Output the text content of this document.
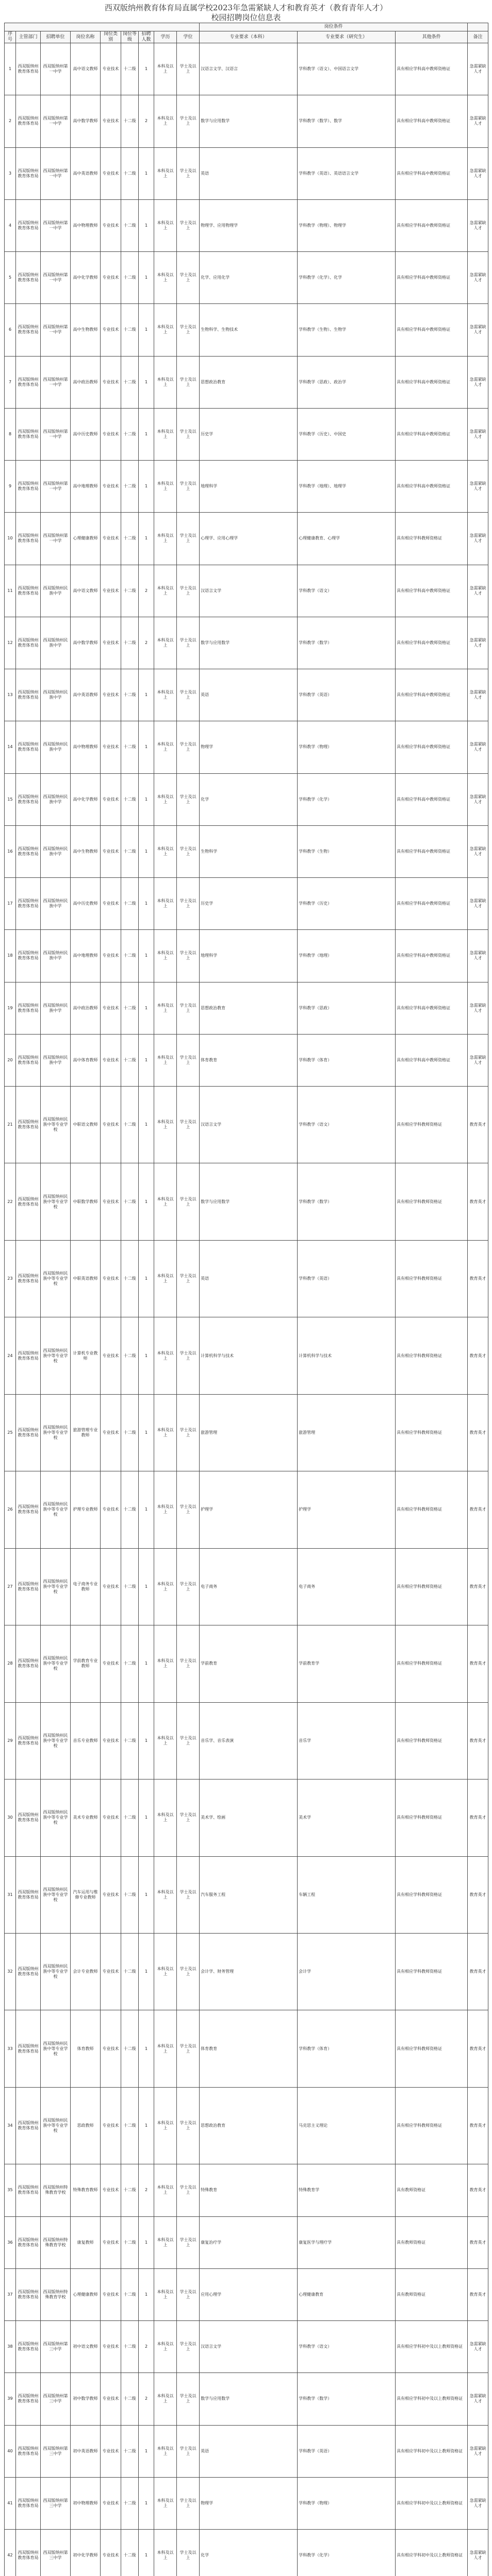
西双版纳州教育体育局直属学校2023年急需紧缺人才和教育英才（教育青年人才）
校园招聘岗位信息表
									岗位条件			
序号	主管部门	招聘单位	岗位名称	岗位类别	岗位等级	招聘人数	学历	学位	专业要求（本科）	专业要求（研究生）	其他条件	备注
1	西双版纳州教育体育局	西双版纳州第一中学	高中语文教师	专业技术	十二级	1	本科及以上	学士及以上	汉语言文学、汉语言	学科教学（语文）、中国语言文学	具有相应学科高中教师资格证	急需紧缺人才
2	西双版纳州教育体育局	西双版纳州第一中学	高中数学教师	专业技术	十二级	2	本科及以上	学士及以上	数学与应用数学	学科教学（数学）、数学	具有相应学科高中教师资格证	急需紧缺人才
3	西双版纳州教育体育局	西双版纳州第一中学	高中英语教师	专业技术	十二级	1	本科及以上	学士及以上	英语	学科教学（英语）、英语语言文学	具有相应学科高中教师资格证	急需紧缺人才
4	西双版纳州教育体育局	西双版纳州第一中学	高中物理教师	专业技术	十二级	1	本科及以上	学士及以上	物理学、应用物理学	学科教学（物理）、物理学	具有相应学科高中教师资格证	急需紧缺人才
5	西双版纳州教育体育局	西双版纳州第一中学	高中化学教师	专业技术	十二级	1	本科及以上	学士及以上	化学、应用化学	学科教学（化学）、化学	具有相应学科高中教师资格证	急需紧缺人才
6	西双版纳州教育体育局	西双版纳州第一中学	高中生物教师	专业技术	十二级	1	本科及以上	学士及以上	生物科学、生物技术	学科教学（生物）、生物学	具有相应学科高中教师资格证	急需紧缺人才
7	西双版纳州教育体育局	西双版纳州第一中学	高中政治教师	专业技术	十二级	1	本科及以上	学士及以上	思想政治教育	学科教学（思政）、政治学	具有相应学科高中教师资格证	急需紧缺人才
8	西双版纳州教育体育局	西双版纳州第一中学	高中历史教师	专业技术	十二级	1	本科及以上	学士及以上	历史学	学科教学（历史）、中国史	具有相应学科高中教师资格证	急需紧缺人才
9	西双版纳州教育体育局	西双版纳州第一中学	高中地理教师	专业技术	十二级	1	本科及以上	学士及以上	地理科学	学科教学（地理）、地理学	具有相应学科高中教师资格证	急需紧缺人才
10	西双版纳州教育体育局	西双版纳州第一中学	心理健康教师	专业技术	十二级	1	本科及以上	学士及以上	心理学、应用心理学	心理健康教育、心理学	具有相应学科教师资格证	急需紧缺人才
11	西双版纳州教育体育局	西双版纳州民族中学	高中语文教师	专业技术	十二级	2	本科及以上	学士及以上	汉语言文学	学科教学（语文）	具有相应学科高中教师资格证	急需紧缺人才
12	西双版纳州教育体育局	西双版纳州民族中学	高中数学教师	专业技术	十二级	2	本科及以上	学士及以上	数学与应用数学	学科教学（数学）	具有相应学科高中教师资格证	急需紧缺人才
13	西双版纳州教育体育局	西双版纳州民族中学	高中英语教师	专业技术	十二级	1	本科及以上	学士及以上	英语	学科教学（英语）	具有相应学科高中教师资格证	急需紧缺人才
14	西双版纳州教育体育局	西双版纳州民族中学	高中物理教师	专业技术	十二级	1	本科及以上	学士及以上	物理学	学科教学（物理）	具有相应学科高中教师资格证	急需紧缺人才
15	西双版纳州教育体育局	西双版纳州民族中学	高中化学教师	专业技术	十二级	1	本科及以上	学士及以上	化学	学科教学（化学）	具有相应学科高中教师资格证	急需紧缺人才
16	西双版纳州教育体育局	西双版纳州民族中学	高中生物教师	专业技术	十二级	1	本科及以上	学士及以上	生物科学	学科教学（生物）	具有相应学科高中教师资格证	急需紧缺人才
17	西双版纳州教育体育局	西双版纳州民族中学	高中历史教师	专业技术	十二级	1	本科及以上	学士及以上	历史学	学科教学（历史）	具有相应学科高中教师资格证	急需紧缺人才
18	西双版纳州教育体育局	西双版纳州民族中学	高中地理教师	专业技术	十二级	1	本科及以上	学士及以上	地理科学	学科教学（地理）	具有相应学科高中教师资格证	急需紧缺人才
19	西双版纳州教育体育局	西双版纳州民族中学	高中政治教师	专业技术	十二级	1	本科及以上	学士及以上	思想政治教育	学科教学（思政）	具有相应学科高中教师资格证	急需紧缺人才
20	西双版纳州教育体育局	西双版纳州民族中学	高中体育教师	专业技术	十二级	1	本科及以上	学士及以上	体育教育	学科教学（体育）	具有相应学科高中教师资格证	急需紧缺人才
21	西双版纳州教育体育局	西双版纳州民族中等专业学校	中职语文教师	专业技术	十二级	1	本科及以上	学士及以上	汉语言文学	学科教学（语文）	具有相应学科教师资格证	教育英才
22	西双版纳州教育体育局	西双版纳州民族中等专业学校	中职数学教师	专业技术	十二级	1	本科及以上	学士及以上	数学与应用数学	学科教学（数学）	具有相应学科教师资格证	教育英才
23	西双版纳州教育体育局	西双版纳州民族中等专业学校	中职英语教师	专业技术	十二级	1	本科及以上	学士及以上	英语	学科教学（英语）	具有相应学科教师资格证	教育英才
24	西双版纳州教育体育局	西双版纳州民族中等专业学校	计算机专业教师	专业技术	十二级	1	本科及以上	学士及以上	计算机科学与技术	计算机科学与技术	具有相应学科教师资格证	教育英才
25	西双版纳州教育体育局	西双版纳州民族中等专业学校	旅游管理专业教师	专业技术	十二级	1	本科及以上	学士及以上	旅游管理	旅游管理	具有相应学科教师资格证	教育英才
26	西双版纳州教育体育局	西双版纳州民族中等专业学校	护理专业教师	专业技术	十二级	1	本科及以上	学士及以上	护理学	护理学	具有相应学科教师资格证	教育英才
27	西双版纳州教育体育局	西双版纳州民族中等专业学校	电子商务专业教师	专业技术	十二级	1	本科及以上	学士及以上	电子商务	电子商务	具有相应学科教师资格证	教育英才
28	西双版纳州教育体育局	西双版纳州民族中等专业学校	学前教育专业教师	专业技术	十二级	1	本科及以上	学士及以上	学前教育	学前教育学	具有相应学科教师资格证	教育英才
29	西双版纳州教育体育局	西双版纳州民族中等专业学校	音乐专业教师	专业技术	十二级	1	本科及以上	学士及以上	音乐学、音乐表演	音乐学	具有相应学科教师资格证	教育英才
30	西双版纳州教育体育局	西双版纳州民族中等专业学校	美术专业教师	专业技术	十二级	1	本科及以上	学士及以上	美术学、绘画	美术学	具有相应学科教师资格证	教育英才
31	西双版纳州教育体育局	西双版纳州民族中等专业学校	汽车运用与维修专业教师	专业技术	十二级	1	本科及以上	学士及以上	汽车服务工程	车辆工程	具有相应学科教师资格证	教育英才
32	西双版纳州教育体育局	西双版纳州民族中等专业学校	会计专业教师	专业技术	十二级	1	本科及以上	学士及以上	会计学、财务管理	会计学	具有相应学科教师资格证	教育英才
33	西双版纳州教育体育局	西双版纳州民族中等专业学校	体育教师	专业技术	十二级	1	本科及以上	学士及以上	体育教育	学科教学（体育）	具有相应学科教师资格证	教育英才
34	西双版纳州教育体育局	西双版纳州民族中等专业学校	思政教师	专业技术	十二级	1	本科及以上	学士及以上	思想政治教育	马克思主义理论	具有相应学科教师资格证	教育英才
35	西双版纳州教育体育局	西双版纳州特殊教育学校	特殊教育教师	专业技术	十二级	2	本科及以上	学士及以上	特殊教育	特殊教育学	具有教师资格证	教育英才
36	西双版纳州教育体育局	西双版纳州特殊教育学校	康复教师	专业技术	十二级	1	本科及以上	学士及以上	康复治疗学	康复医学与理疗学	具有教师资格证	教育英才
37	西双版纳州教育体育局	西双版纳州特殊教育学校	心理健康教师	专业技术	十二级	1	本科及以上	学士及以上	应用心理学	心理健康教育	具有教师资格证	教育英才
38	西双版纳州教育体育局	西双版纳州第三中学	初中语文教师	专业技术	十二级	2	本科及以上	学士及以上	汉语言文学	学科教学（语文）	具有相应学科初中及以上教师资格证	急需紧缺人才
39	西双版纳州教育体育局	西双版纳州第三中学	初中数学教师	专业技术	十二级	2	本科及以上	学士及以上	数学与应用数学	学科教学（数学）	具有相应学科初中及以上教师资格证	急需紧缺人才
40	西双版纳州教育体育局	西双版纳州第三中学	初中英语教师	专业技术	十二级	1	本科及以上	学士及以上	英语	学科教学（英语）	具有相应学科初中及以上教师资格证	急需紧缺人才
41	西双版纳州教育体育局	西双版纳州第三中学	初中物理教师	专业技术	十二级	1	本科及以上	学士及以上	物理学	学科教学（物理）	具有相应学科初中及以上教师资格证	急需紧缺人才
42	西双版纳州教育体育局	西双版纳州第三中学	初中化学教师	专业技术	十二级	1	本科及以上	学士及以上	化学	学科教学（化学）	具有相应学科初中及以上教师资格证	急需紧缺人才
